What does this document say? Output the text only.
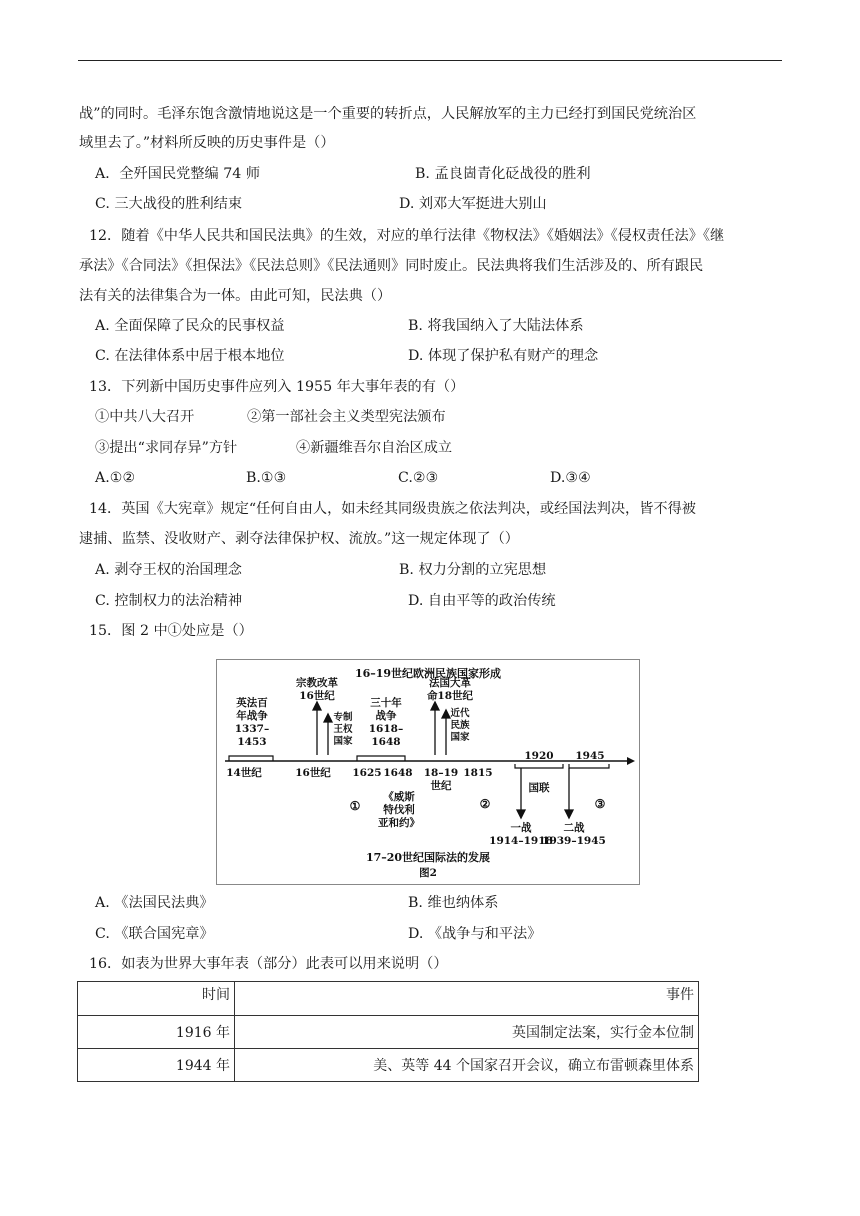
战”的同时。毛泽东饱含激情地说这是一个重要的转折点，人民解放军的主力已经打到国民党统治区
域里去了。”材料所反映的历史事件是（）
A．全歼国民党整编 74 师	B. 孟良崮青化砭战役的胜利
C. 三大战役的胜利结束	D. 刘邓大军挺进大别山
12．随着《中华人民共和国民法典》的生效，对应的单行法律《物权法》《婚姻法》《侵权责任法》《继
承法》《合同法》《担保法》《民法总则》《民法通则》同时废止。民法典将我们生活涉及的、所有跟民
法有关的法律集合为一体。由此可知，民法典（）
A. 全面保障了民众的民事权益	B. 将我国纳入了大陆法体系
C. 在法律体系中居于根本地位	D. 体现了保护私有财产的理念
13．下列新中国历史事件应列入 1955 年大事年表的有（）
①中共八大召开	②第一部社会主义类型宪法颁布
③提出“求同存异”方针	④新疆维吾尔自治区成立
A.①②	B.①③	C.②③	D.③④
14．英国《大宪章》规定“任何自由人，如未经其同级贵族之依法判决，或经国法判决，皆不得被
逮捕、监禁、没收财产、剥夺法律保护权、流放。”这一规定体现了（）
A. 剥夺王权的治国理念	B. 权力分割的立宪思想
C. 控制权力的法治精神	D. 自由平等的政治传统
15．图 2 中①处应是（）
16–19世纪欧洲民族国家形成
英法百
年战争
1337–
1453
宗教改革
16世纪
专制
王权
国家
三十年
战争
1618–
1648
法国大革
命18世纪
近代
民族
国家
14世纪	16世纪 1625 1648 18–19
世纪
1815
1920 1945
①
《威斯
特伐利
亚和约》
②
国联
③
一战
1914–1918
二战
1939–1945
17–20世纪国际法的发展
图2
A. 《法国民法典》	B. 维也纳体系
C. 《联合国宪章》	D. 《战争与和平法》
16．如表为世界大事年表（部分）此表可以用来说明（）
时间	事件
1916 年	英国制定法案，实行金本位制
1944 年	美、英等 44 个国家召开会议，确立布雷顿森里体系
